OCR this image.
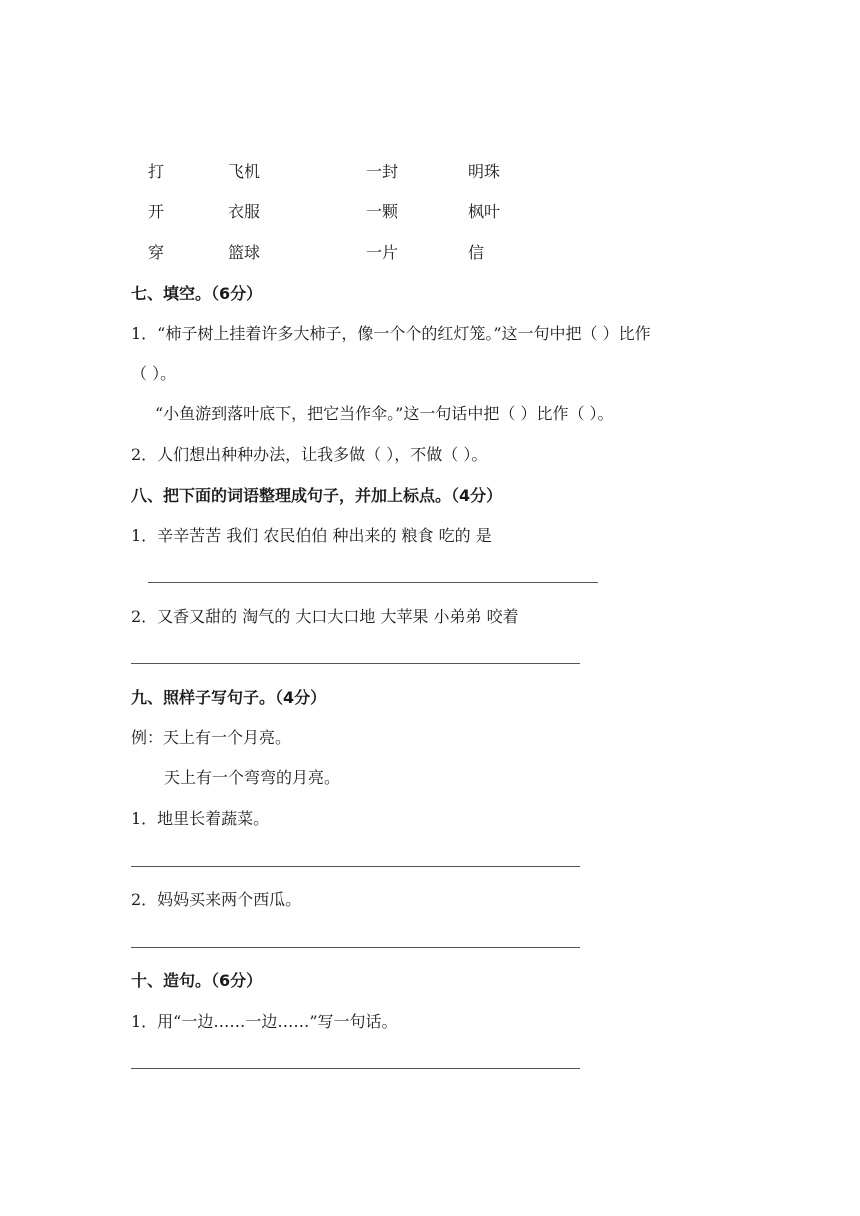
打	飞机	一封	明珠
开	衣服	一颗	枫叶
穿	篮球	一片	信
七、填空。（6分）
1．“柿子树上挂着许多大柿子，像一个个的红灯笼。”这一句中把（ ）比作
（ ）。
“小鱼游到落叶底下，把它当作伞。”这一句话中把（ ）比作（ ）。
2．人们想出种种办法，让我多做（ ），不做（ ）。
八、把下面的词语整理成句子，并加上标点。（4分）
1．辛辛苦苦 我们 农民伯伯 种出来的 粮食 吃的 是
2．又香又甜的 淘气的 大口大口地 大苹果 小弟弟 咬着
九、照样子写句子。（4分）
例：天上有一个月亮。
天上有一个弯弯的月亮。
1．地里长着蔬菜。
2．妈妈买来两个西瓜。
十、造句。（6分）
1．用“一边……一边……”写一句话。
